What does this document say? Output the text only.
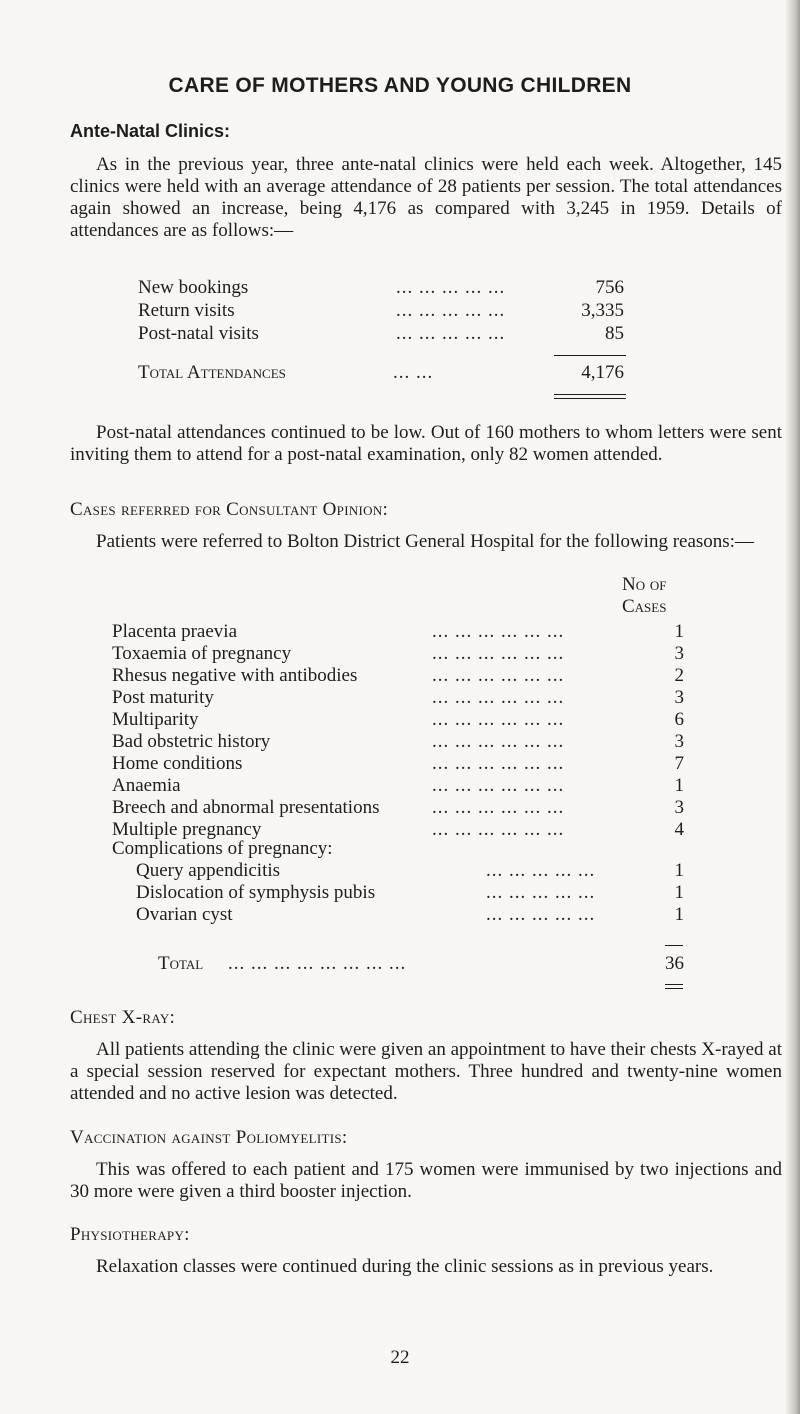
CARE OF MOTHERS AND YOUNG CHILDREN
Ante-Natal Clinics:
As in the previous year, three ante-natal clinics were held each week. Altogether, 145 clinics were held with an average attendance of 28 patients per session. The total attendances again showed an increase, being 4,176 as compared with 3,245 in 1959. Details of attendances are as follows:—
New bookings	... ... ... ... ...	756
Return visits	... ... ... ... ...	3,335
Post-natal visits	... ... ... ... ...	85
Total Attendances	... ...	4,176
Post-natal attendances continued to be low. Out of 160 mothers to whom letters were sent inviting them to attend for a post-natal examination, only 82 women attended.
Cases referred for Consultant Opinion:
Patients were referred to Bolton District General Hospital for the following reasons:—
No of
Cases
Placenta praevia	... ... ... ... ... ...	1
Toxaemia of pregnancy	... ... ... ... ... ...	3
Rhesus negative with antibodies	... ... ... ... ... ...	2
Post maturity	... ... ... ... ... ...	3
Multiparity	... ... ... ... ... ...	6
Bad obstetric history	... ... ... ... ... ...	3
Home conditions	... ... ... ... ... ...	7
Anaemia	... ... ... ... ... ...	1
Breech and abnormal presentations	... ... ... ... ... ...	3
Multiple pregnancy	... ... ... ... ... ...	4
Complications of pregnancy:
Query appendicitis	... ... ... ... ...	1
Dislocation of symphysis pubis	... ... ... ... ...	1
Ovarian cyst	... ... ... ... ...	1
Total ... ... ... ... ... ... ... ...	36
Chest X-ray:
All patients attending the clinic were given an appointment to have their chests X-rayed at a special session reserved for expectant mothers. Three hundred and twenty-nine women attended and no active lesion was detected.
Vaccination against Poliomyelitis:
This was offered to each patient and 175 women were immunised by two injections and 30 more were given a third booster injection.
Physiotherapy:
Relaxation classes were continued during the clinic sessions as in previous years.
22
